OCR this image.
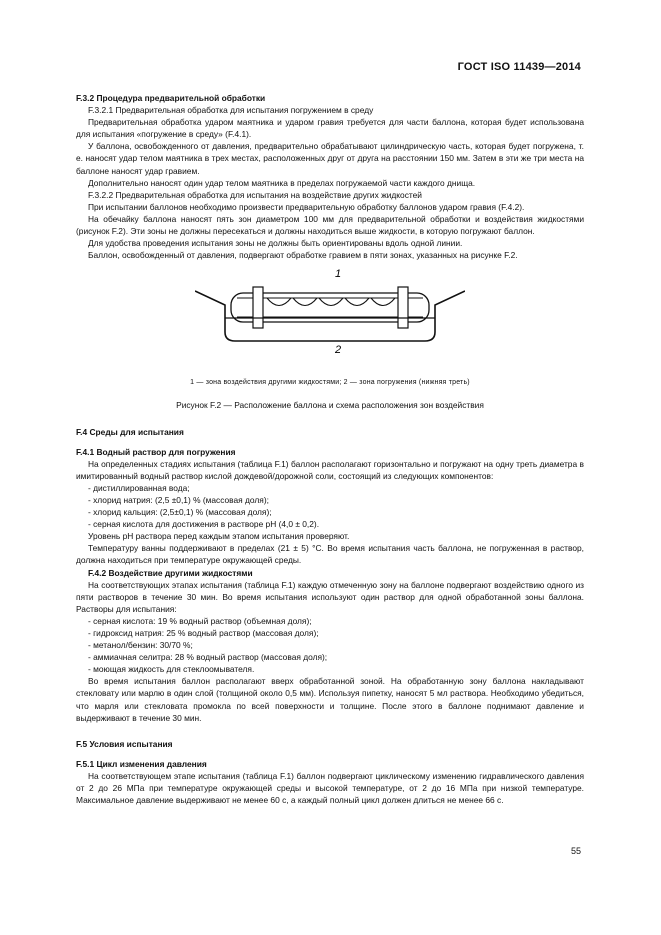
ГОСТ ISO 11439—2014

F.3.2 Процедура предварительной обработки

F.3.2.1 Предварительная обработка для испытания погружением в среду

Предварительная обработка ударом маятника и ударом гравия требуется для части баллона, которая будет использована для испытания «погружение в среду» (F.4.1).

У баллона, освобожденного от давления, предварительно обрабатывают цилиндрическую часть, которая будет погружена, т. е. наносят удар телом маятника в трех местах, расположенных друг от друга на расстоянии 150 мм. Затем в эти же три места на баллоне наносят удар гравием.

Дополнительно наносят один удар телом маятника в пределах погружаемой части каждого днища.

F.3.2.2 Предварительная обработка для испытания на воздействие других жидкостей

При испытании баллонов необходимо произвести предварительную обработку баллонов ударом гравия (F.4.2).

На обечайку баллона наносят пять зон диаметром 100 мм для предварительной обработки и воздействия жидкостями (рисунок F.2). Эти зоны не должны пересекаться и должны находиться выше жидкости, в которую погружают баллон.

Для удобства проведения испытания зоны не должны быть ориентированы вдоль одной линии.

Баллон, освобожденный от давления, подвергают обработке гравием в пяти зонах, указанных на рисунке F.2.

1
2

1 — зона воздействия другими жидкостями; 2 — зона погружения (нижняя треть)

Рисунок F.2 — Расположение баллона и схема расположения зон воздействия

F.4 Среды для испытания

F.4.1 Водный раствор для погружения

На определенных стадиях испытания (таблица F.1) баллон располагают горизонтально и погружают на одну треть диаметра в имитированный водный раствор кислой дождевой/дорожной соли, состоящий из следующих компонентов:

- дистиллированная вода;

- хлорид натрия: (2,5 ±0,1) % (массовая доля);

- хлорид кальция: (2,5±0,1) % (массовая доля);

- серная кислота для достижения в растворе pH (4,0 ± 0,2).

Уровень pH раствора перед каждым этапом испытания проверяют.

Температуру ванны поддерживают в пределах (21 ± 5) °С. Во время испытания часть баллона, не погруженная в раствор, должна находиться при температуре окружающей среды.

F.4.2 Воздействие другими жидкостями

На соответствующих этапах испытания (таблица F.1) каждую отмеченную зону на баллоне подвергают воздействию одного из пяти растворов в течение 30 мин. Во время испытания используют один раствор для одной обработанной зоны баллона. Растворы для испытания:

- серная кислота: 19 % водный раствор (объемная доля);

- гидроксид натрия: 25 % водный раствор (массовая доля);

- метанол/бензин: 30/70 %;

- аммиачная селитра: 28 % водный раствор (массовая доля);

- моющая жидкость для стеклоомывателя.

Во время испытания баллон располагают вверх обработанной зоной. На обработанную зону баллона накладывают стекловату или марлю в один слой (толщиной около 0,5 мм). Используя пипетку, наносят 5 мл раствора. Необходимо убедиться, что марля или стекловата промокла по всей поверхности и толщине. После этого в баллоне поднимают давление и выдерживают в течение 30 мин.

F.5 Условия испытания

F.5.1 Цикл изменения давления

На соответствующем этапе испытания (таблица F.1) баллон подвергают циклическому изменению гидравлического давления от 2 до 26 МПа при температуре окружающей среды и высокой температуре, от 2 до 16 МПа при низкой температуре. Максимальное давление выдерживают не менее 60 с, а каждый полный цикл должен длиться не менее 66 с.

55
